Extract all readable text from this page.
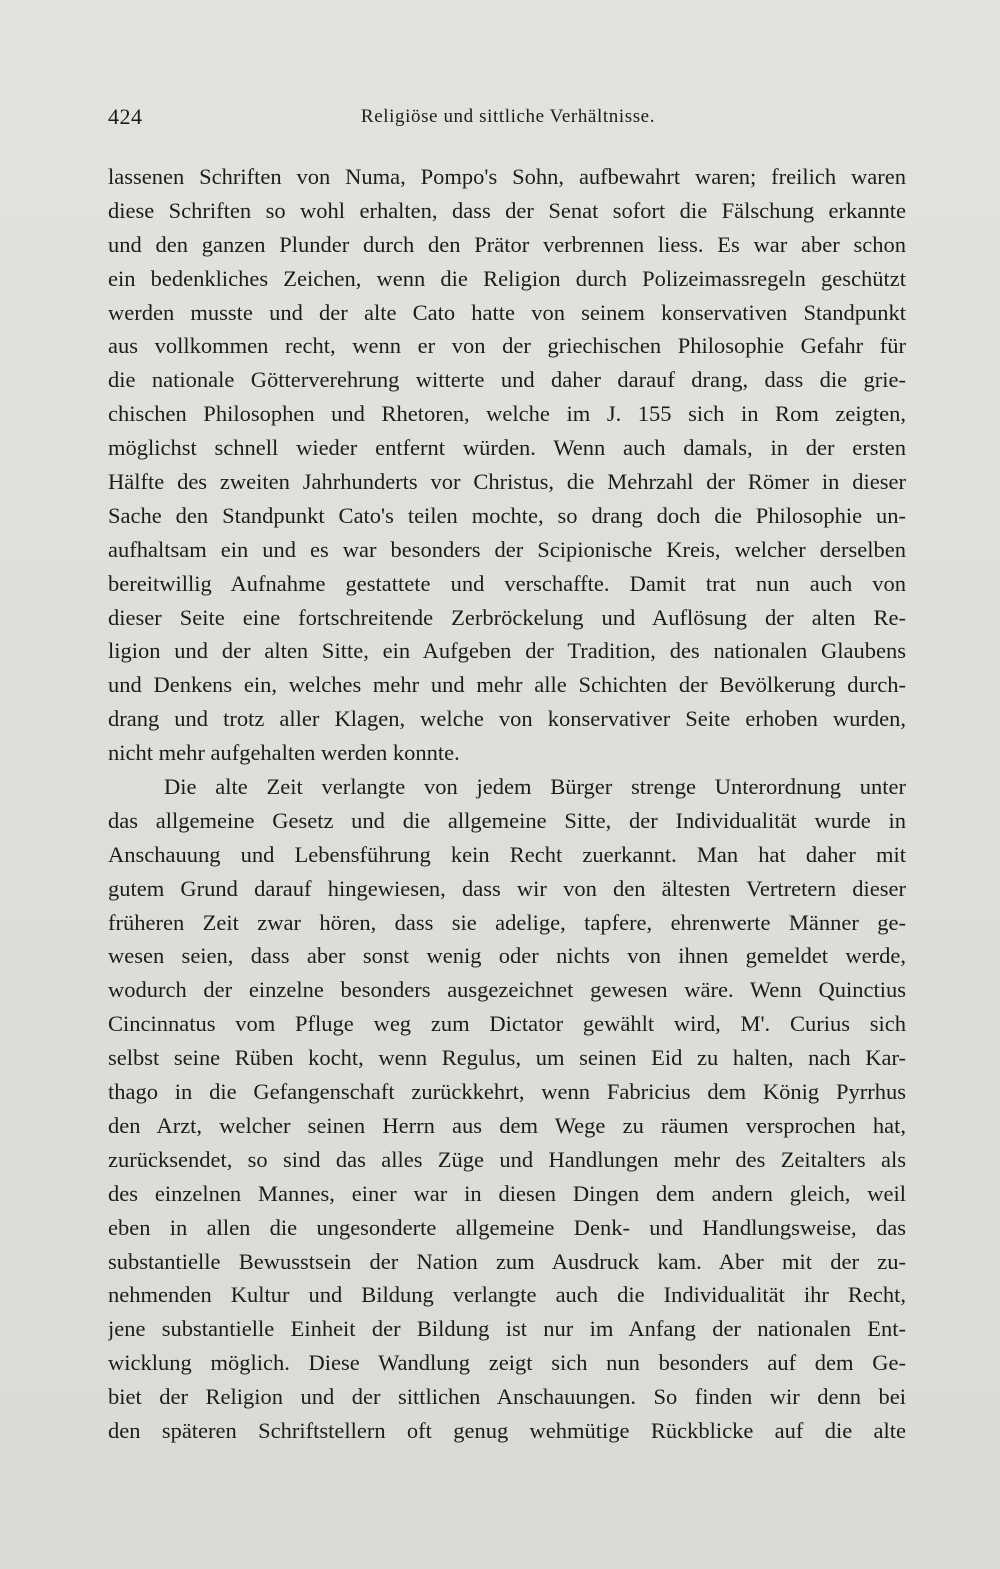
424	Religiöse und sittliche Verhältnisse.
lassenen Schriften von Numa, Pompo's Sohn, aufbewahrt waren; freilich waren
diese Schriften so wohl erhalten, dass der Senat sofort die Fälschung erkannte
und den ganzen Plunder durch den Prätor verbrennen liess. Es war aber schon
ein bedenkliches Zeichen, wenn die Religion durch Polizeimassregeln geschützt
werden musste und der alte Cato hatte von seinem konservativen Standpunkt
aus vollkommen recht, wenn er von der griechischen Philosophie Gefahr für
die nationale Götterverehrung witterte und daher darauf drang, dass die grie-
chischen Philosophen und Rhetoren, welche im J. 155 sich in Rom zeigten,
möglichst schnell wieder entfernt würden. Wenn auch damals, in der ersten
Hälfte des zweiten Jahrhunderts vor Christus, die Mehrzahl der Römer in dieser
Sache den Standpunkt Cato's teilen mochte, so drang doch die Philosophie un-
aufhaltsam ein und es war besonders der Scipionische Kreis, welcher derselben
bereitwillig Aufnahme gestattete und verschaffte. Damit trat nun auch von
dieser Seite eine fortschreitende Zerbröckelung und Auflösung der alten Re-
ligion und der alten Sitte, ein Aufgeben der Tradition, des nationalen Glaubens
und Denkens ein, welches mehr und mehr alle Schichten der Bevölkerung durch-
drang und trotz aller Klagen, welche von konservativer Seite erhoben wurden,
nicht mehr aufgehalten werden konnte.
Die alte Zeit verlangte von jedem Bürger strenge Unterordnung unter
das allgemeine Gesetz und die allgemeine Sitte, der Individualität wurde in
Anschauung und Lebensführung kein Recht zuerkannt. Man hat daher mit
gutem Grund darauf hingewiesen, dass wir von den ältesten Vertretern dieser
früheren Zeit zwar hören, dass sie adelige, tapfere, ehrenwerte Männer ge-
wesen seien, dass aber sonst wenig oder nichts von ihnen gemeldet werde,
wodurch der einzelne besonders ausgezeichnet gewesen wäre. Wenn Quinctius
Cincinnatus vom Pfluge weg zum Dictator gewählt wird, M'. Curius sich
selbst seine Rüben kocht, wenn Regulus, um seinen Eid zu halten, nach Kar-
thago in die Gefangenschaft zurückkehrt, wenn Fabricius dem König Pyrrhus
den Arzt, welcher seinen Herrn aus dem Wege zu räumen versprochen hat,
zurücksendet, so sind das alles Züge und Handlungen mehr des Zeitalters als
des einzelnen Mannes, einer war in diesen Dingen dem andern gleich, weil
eben in allen die ungesonderte allgemeine Denk- und Handlungsweise, das
substantielle Bewusstsein der Nation zum Ausdruck kam. Aber mit der zu-
nehmenden Kultur und Bildung verlangte auch die Individualität ihr Recht,
jene substantielle Einheit der Bildung ist nur im Anfang der nationalen Ent-
wicklung möglich. Diese Wandlung zeigt sich nun besonders auf dem Ge-
biet der Religion und der sittlichen Anschauungen. So finden wir denn bei
den späteren Schriftstellern oft genug wehmütige Rückblicke auf die alte
